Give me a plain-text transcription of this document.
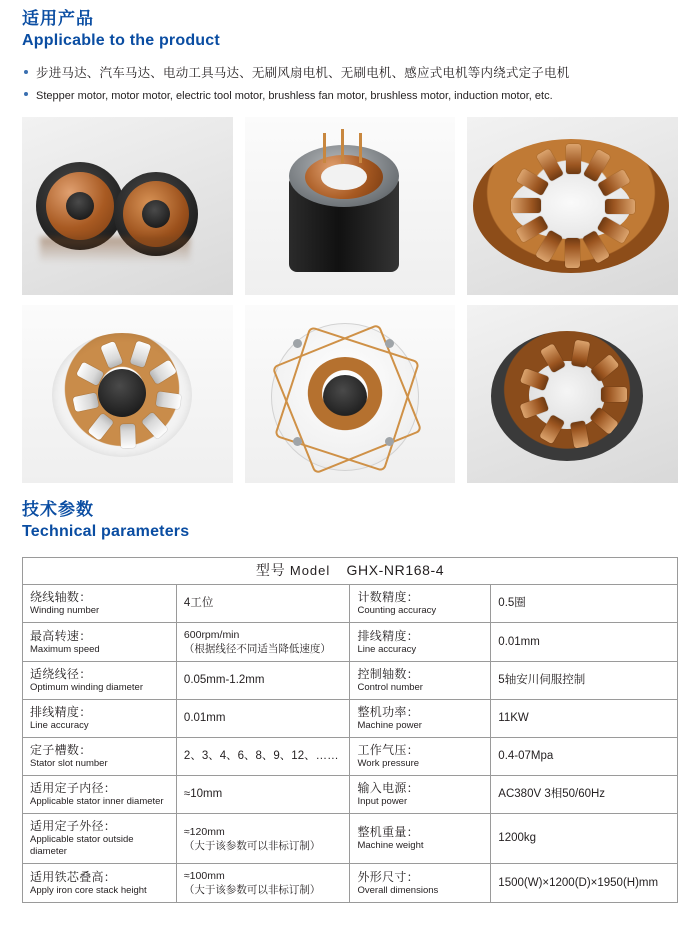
适用产品
Applicable to the product
步进马达、汽车马达、电动工具马达、无刷风扇电机、无刷电机、感应式电机等内绕式定子电机
Stepper motor, motor motor, electric tool motor, brushless fan motor, brushless motor, induction motor, etc.
技术参数
Technical parameters
型号 Model GHX-NR168-4			

绕线轴数：
Winding number	4工位	计数精度：
Counting accuracy	0.5圈

最高转速：
Maximum speed	600rpm/min
（根据线径不同适当降低速度）	排线精度：
Line accuracy	0.01mm

适绕线径：
Optimum winding diameter	0.05mm-1.2mm	控制轴数：
Control number	5轴安川伺服控制

排线精度：
Line accuracy	0.01mm	整机功率：
Machine power	11KW

定子槽数：
Stator slot number	2、3、4、6、8、9、12、……	工作气压：
Work pressure	0.4-07Mpa

适用定子内径：
Applicable stator inner diameter	≈10mm	输入电源：
Input power	AC380V 3相50/60Hz

适用定子外径：
Applicable stator outside diameter	≈120mm
（大于该参数可以非标订制）	整机重量：
Machine weight	1200kg

适用铁芯叠高：
Apply iron core stack height	≈100mm
（大于该参数可以非标订制）	外形尺寸：
Overall dimensions	1500(W)×1200(D)×1950(H)mm
